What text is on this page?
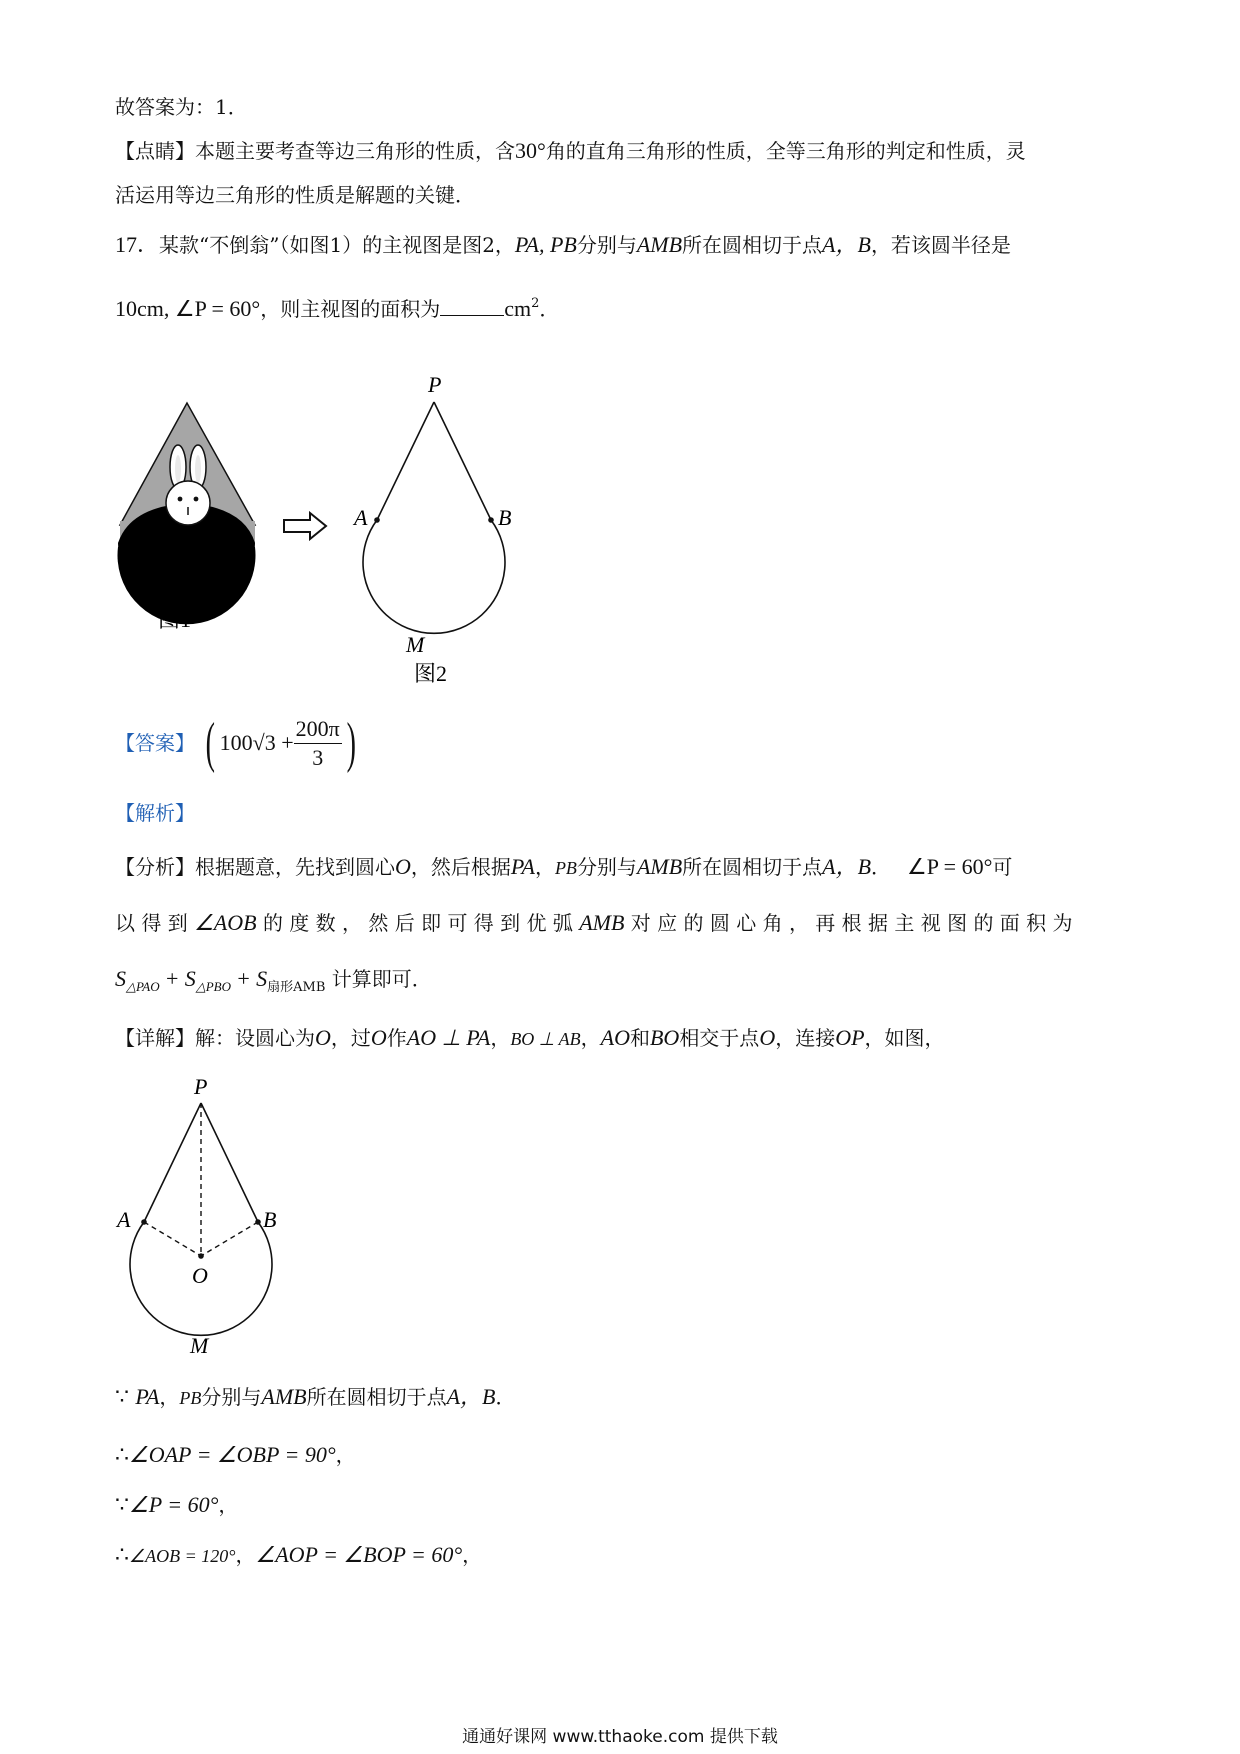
故答案为：1．
【点睛】本题主要考查等边三角形的性质，含30°角的直角三角形的性质，全等三角形的判定和性质，灵
活运用等边三角形的性质是解题的关键．
17．某款“不倒翁”（如图1）的主视图是图2，PA, PB分别与AMB所在圆相切于点A，B，若该圆半径是
10cm, ∠P = 60°，则主视图的面积为	$cm^2$．
图1
P
A	B
M
图2
【答案】 ( $100√3 + \frac{200\pi}{3}$ )
【解析】
【分析】根据题意，先找到圆心O，然后根据PA，PB分别与AMB所在圆相切于点A，B． ∠P = 60°可
以 得 到 ∠AOB 的 度 数 ， 然 后 即 可 得 到 优 弧 AMB 对 应 的 圆 心 角 ， 再 根 据 主 视 图 的 面 积 为
$S_{\triangle PAO} + S_{\triangle PBO} + S_{扇形AMB}$ 计算即可．
【详解】解：设圆心为O，过O作AO ⊥ PA，BO ⊥ AB，AO和BO相交于点O，连接OP，如图，
P
A	B
O
M
∵ PA，PB分别与AMB所在圆相切于点A，B．
∴∠OAP = ∠OBP = 90°，
∵∠P = 60°，
∴∠AOB = 120°，∠AOP = ∠BOP = 60°，
通通好课网 www.tthaoke.com 提供下载
